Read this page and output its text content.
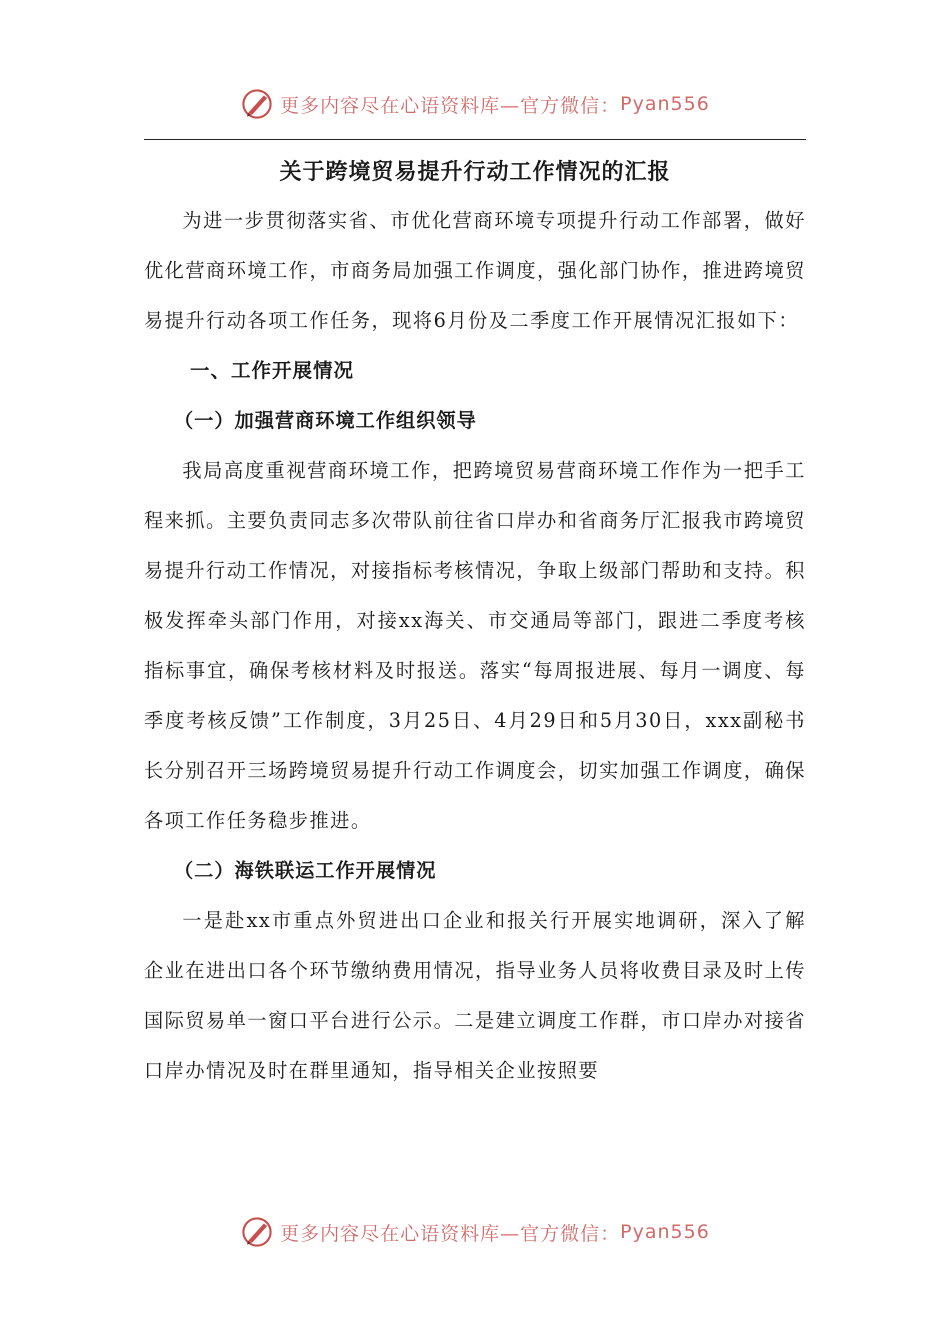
更多内容尽在心语资料库—官方微信： Pyan556
关于跨境贸易提升行动工作情况的汇报

为进一步贯彻落实省、市优化营商环境专项提升行动工作部署，做好优化营商环境工作，市商务局加强工作调度，强化部门协作，推进跨境贸易提升行动各项工作任务，现将6月份及二季度工作开展情况汇报如下：

一、工作开展情况
（一）加强营商环境工作组织领导

我局高度重视营商环境工作，把跨境贸易营商环境工作作为一把手工程来抓。主要负责同志多次带队前往省口岸办和省商务厅汇报我市跨境贸易提升行动工作情况，对接指标考核情况，争取上级部门帮助和支持。积极发挥牵头部门作用，对接xx海关、市交通局等部门，跟进二季度考核指标事宜，确保考核材料及时报送。落实“每周报进展、每月一调度、每季度考核反馈”工作制度，3月25日、4月29日和5月30日，xxx副秘书长分别召开三场跨境贸易提升行动工作调度会，切实加强工作调度，确保各项工作任务稳步推进。

（二）海铁联运工作开展情况

一是赴xx市重点外贸进出口企业和报关行开展实地调研，深入了解企业在进出口各个环节缴纳费用情况，指导业务人员将收费目录及时上传国际贸易单一窗口平台进行公示。二是建立调度工作群，市口岸办对接省口岸办情况及时在群里通知，指导相关企业按照要

更多内容尽在心语资料库—官方微信： Pyan556
